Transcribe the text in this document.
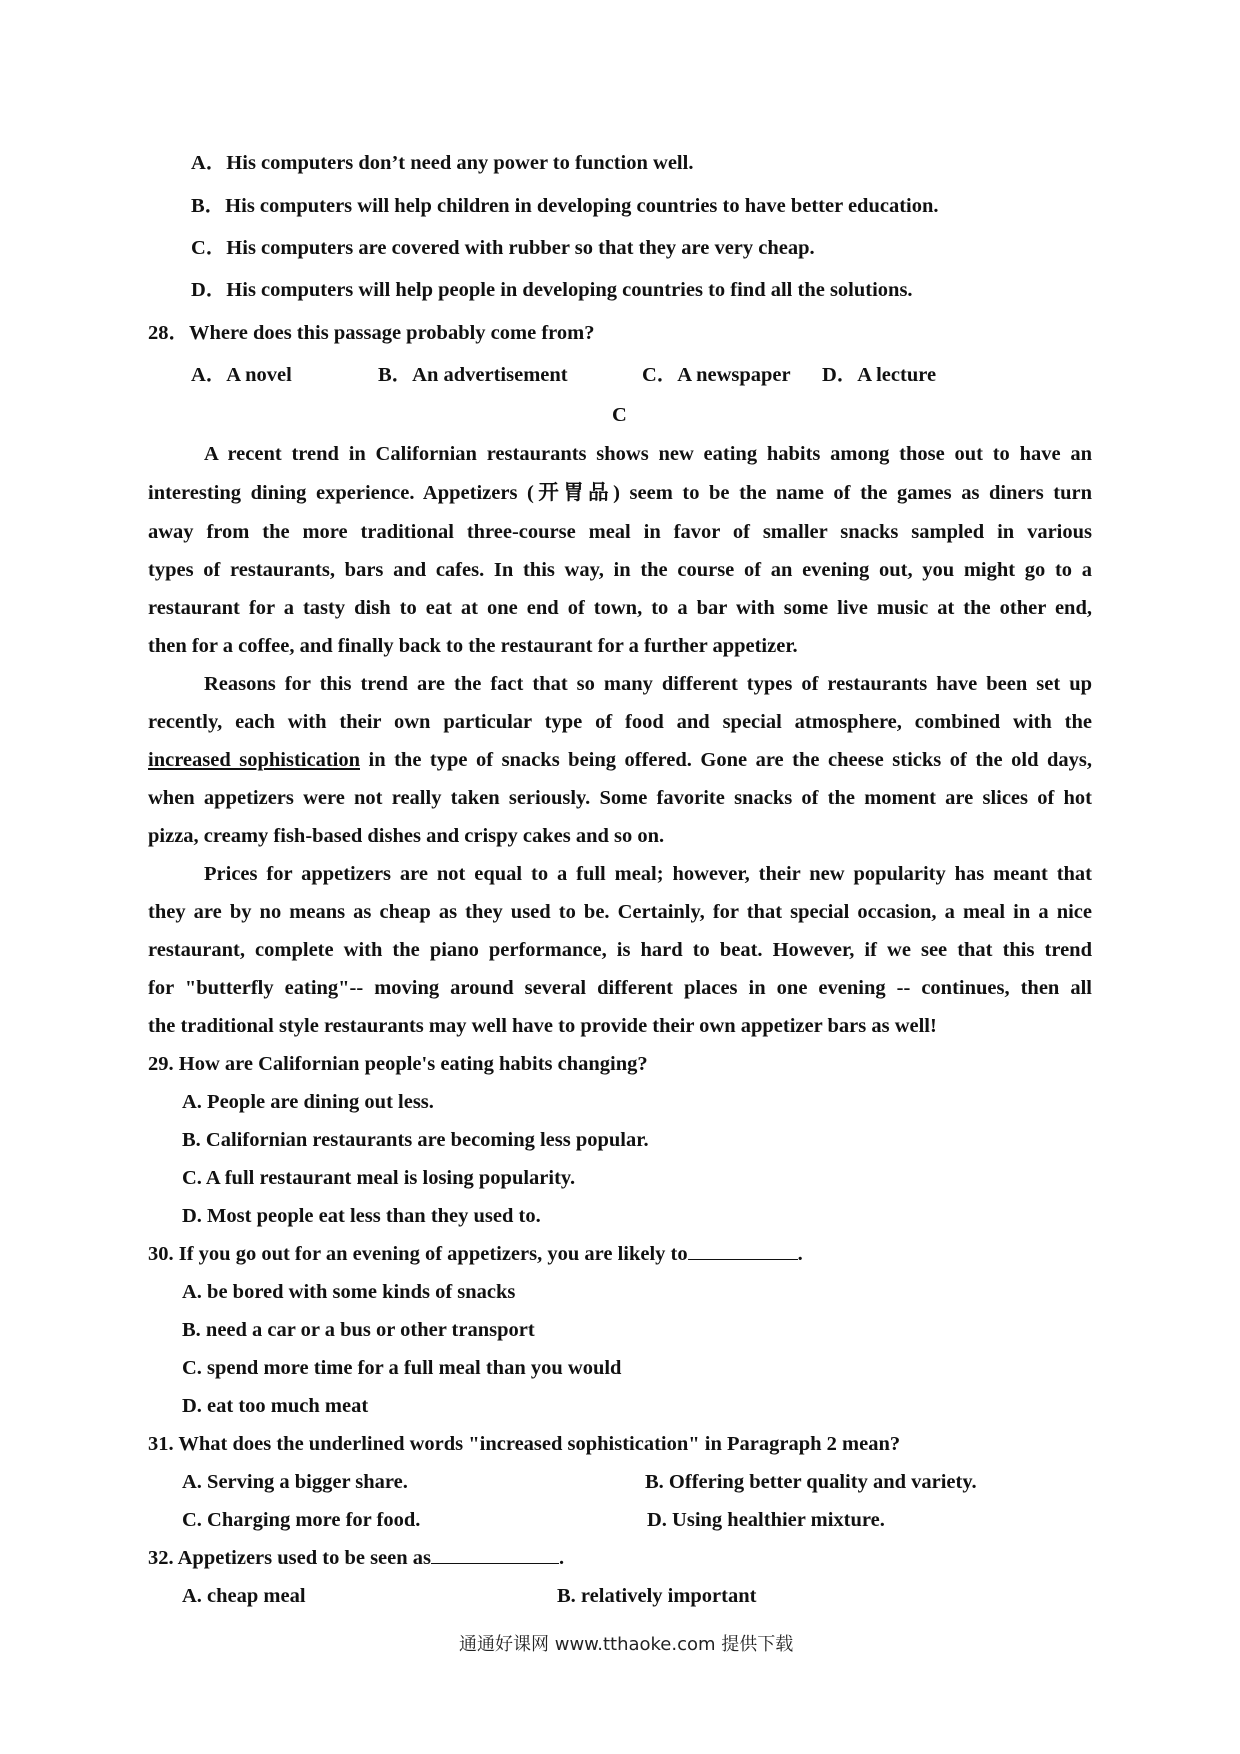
A．His computers don’t need any power to function well.
B．His computers will help children in developing countries to have better education.
C．His computers are covered with rubber so that they are very cheap.
D．His computers will help people in developing countries to find all the solutions.
28．Where does this passage probably come from?
A．A novel	B．An advertisement	C．A newspaper D．A lecture
C
A recent trend in Californian restaurants shows new eating habits among those out to have an
interesting dining experience. Appetizers (开胃品) seem to be the name of the games as diners turn
away from the more traditional three-course meal in favor of smaller snacks sampled in various
types of restaurants, bars and cafes. In this way, in the course of an evening out, you might go to a
restaurant for a tasty dish to eat at one end of town, to a bar with some live music at the other end,
then for a coffee, and finally back to the restaurant for a further appetizer.
Reasons for this trend are the fact that so many different types of restaurants have been set up
recently, each with their own particular type of food and special atmosphere, combined with the
increased sophistication in the type of snacks being offered. Gone are the cheese sticks of the old days,
when appetizers were not really taken seriously. Some favorite snacks of the moment are slices of hot
pizza, creamy fish-based dishes and crispy cakes and so on.
Prices for appetizers are not equal to a full meal; however, their new popularity has meant that
they are by no means as cheap as they used to be. Certainly, for that special occasion, a meal in a nice
restaurant, complete with the piano performance, is hard to beat. However, if we see that this trend
for "butterfly eating"-- moving around several different places in one evening -- continues, then all
the traditional style restaurants may well have to provide their own appetizer bars as well!
29. How are Californian people's eating habits changing?
A. People are dining out less.
B. Californian restaurants are becoming less popular.
C. A full restaurant meal is losing popularity.
D. Most people eat less than they used to.
30. If you go out for an evening of appetizers, you are likely to	.
A. be bored with some kinds of snacks
B. need a car or a bus or other transport
C. spend more time for a full meal than you would
D. eat too much meat
31. What does the underlined words "increased sophistication" in Paragraph 2 mean?
A. Serving a bigger share.	B. Offering better quality and variety.
C. Charging more for food.	D. Using healthier mixture.
32. Appetizers used to be seen as	.
A. cheap meal	B. relatively important
通通好课网 www.tthaoke.com 提供下载
